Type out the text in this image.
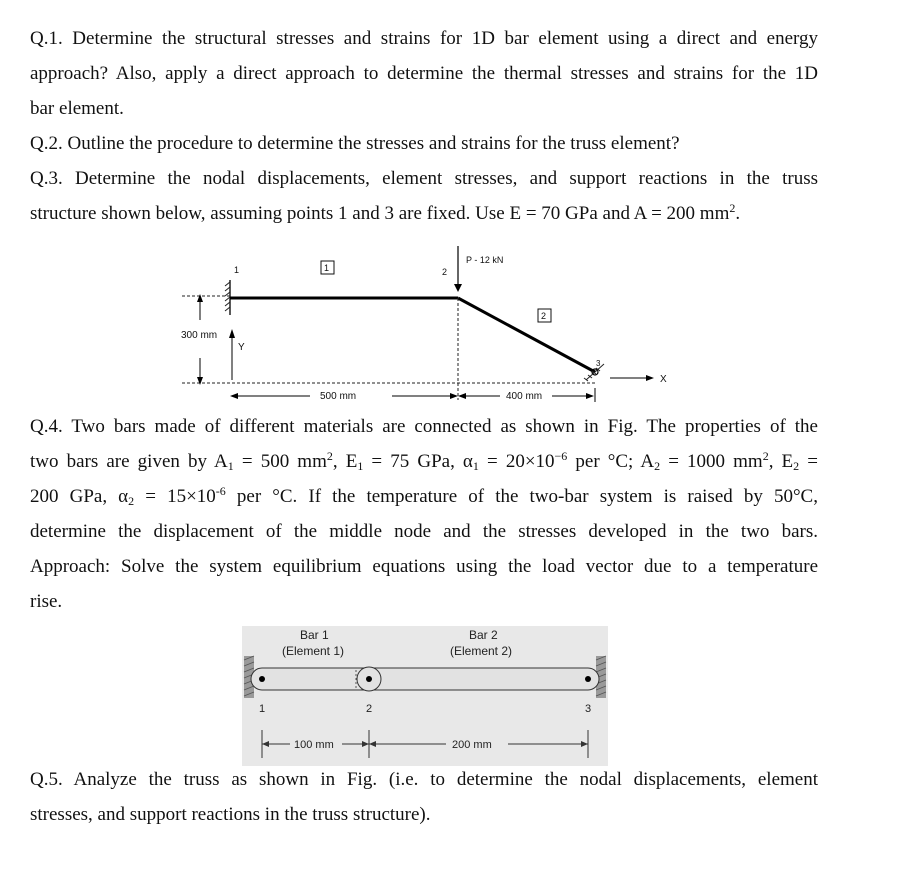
Q.1. Determine the structural stresses and strains for 1D bar element using a direct and energy
approach? Also, apply a direct approach to determine the thermal stresses and strains for the 1D
bar element.
Q.2. Outline the procedure to determine the stresses and strains for the truss element?
Q.3. Determine the nodal displacements, element stresses, and support reactions in the truss
structure shown below, assuming points 1 and 3 are fixed. Use E = 70 GPa and A = 200 $mm^2$.
P - 12 kN
1	2
3
1
2
X
300 mm
Y
500 mm	400 mm
Q.4. Two bars made of different materials are connected as shown in Fig. The properties of the
two bars are given by $A_1 = 500$ $mm^2$, $E_1 = 75$ GPa, $\alpha_1 = 20\times 10^{-6}$ per °C; $A_2 = 1000$ $mm^2$, $E_2$ =
200 GPa, $\alpha_2 = 15\times 10^{-6}$ per °C. If the temperature of the two-bar system is raised by 50°C,
determine the displacement of the middle node and the stresses developed in the two bars.
Approach: Solve the system equilibrium equations using the load vector due to a temperature
rise.
Bar 1
(Element 1)
Bar 2
(Element 2)
1	2	3
100 mm	200 mm
Q.5. Analyze the truss as shown in Fig. (i.e. to determine the nodal displacements, element
stresses, and support reactions in the truss structure).
